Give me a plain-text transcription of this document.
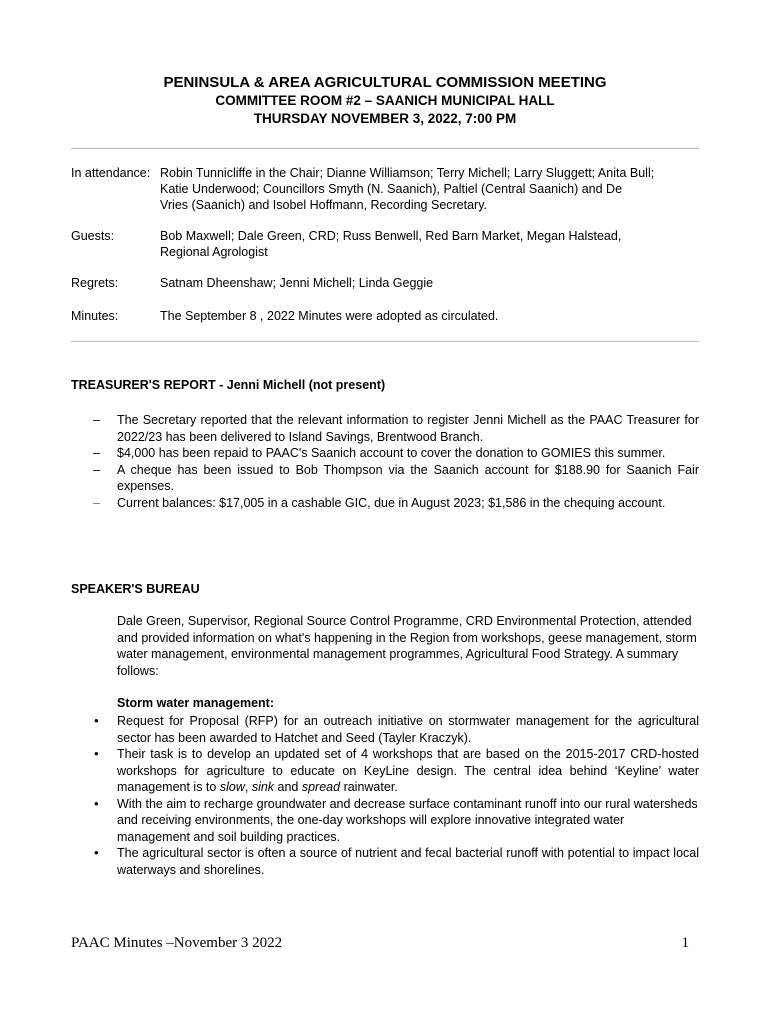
PENINSULA & AREA AGRICULTURAL COMMISSION MEETING
COMMITTEE ROOM #2 – SAANICH MUNICIPAL HALL
THURSDAY NOVEMBER 3, 2022, 7:00 PM
In attendance: Robin Tunnicliffe in the Chair; Dianne Williamson; Terry Michell; Larry Sluggett; Anita Bull;
Katie Underwood; Councillors Smyth (N. Saanich), Paltiel (Central Saanich) and De
Vries (Saanich) and Isobel Hoffmann, Recording Secretary.
Guests:	Bob Maxwell; Dale Green, CRD; Russ Benwell, Red Barn Market, Megan Halstead,
Regional Agrologist
Regrets:	Satnam Dheenshaw; Jenni Michell; Linda Geggie
Minutes:	The September 8 , 2022 Minutes were adopted as circulated.
TREASURER'S REPORT - Jenni Michell (not present)
– The Secretary reported that the relevant information to register Jenni Michell as the PAAC Treasurer for 2022/23 has been delivered to Island Savings, Brentwood Branch.
– $4,000 has been repaid to PAAC's Saanich account to cover the donation to GOMIES this summer.
– A cheque has been issued to Bob Thompson via the Saanich account for $188.90 for Saanich Fair expenses.
– Current balances: $17,005 in a cashable GIC, due in August 2023; $1,586 in the chequing account.
SPEAKER'S BUREAU
Dale Green, Supervisor, Regional Source Control Programme, CRD Environmental Protection, attended and provided information on what's happening in the Region from workshops, geese management, storm water management, environmental management programmes, Agricultural Food Strategy. A summary follows:
Storm water management:
• Request for Proposal (RFP) for an outreach initiative on stormwater management for the agricultural sector has been awarded to Hatchet and Seed (Tayler Kraczyk).
• Their task is to develop an updated set of 4 workshops that are based on the 2015-2017 CRD-hosted workshops for agriculture to educate on KeyLine design. The central idea behind ‘Keyline’ water management is to slow, sink and spread rainwater.
• With the aim to recharge groundwater and decrease surface contaminant runoff into our rural watersheds and receiving environments, the one-day workshops will explore innovative integrated water management and soil building practices.
• The agricultural sector is often a source of nutrient and fecal bacterial runoff with potential to impact local waterways and shorelines.
PAAC Minutes –November 3 2022	1
